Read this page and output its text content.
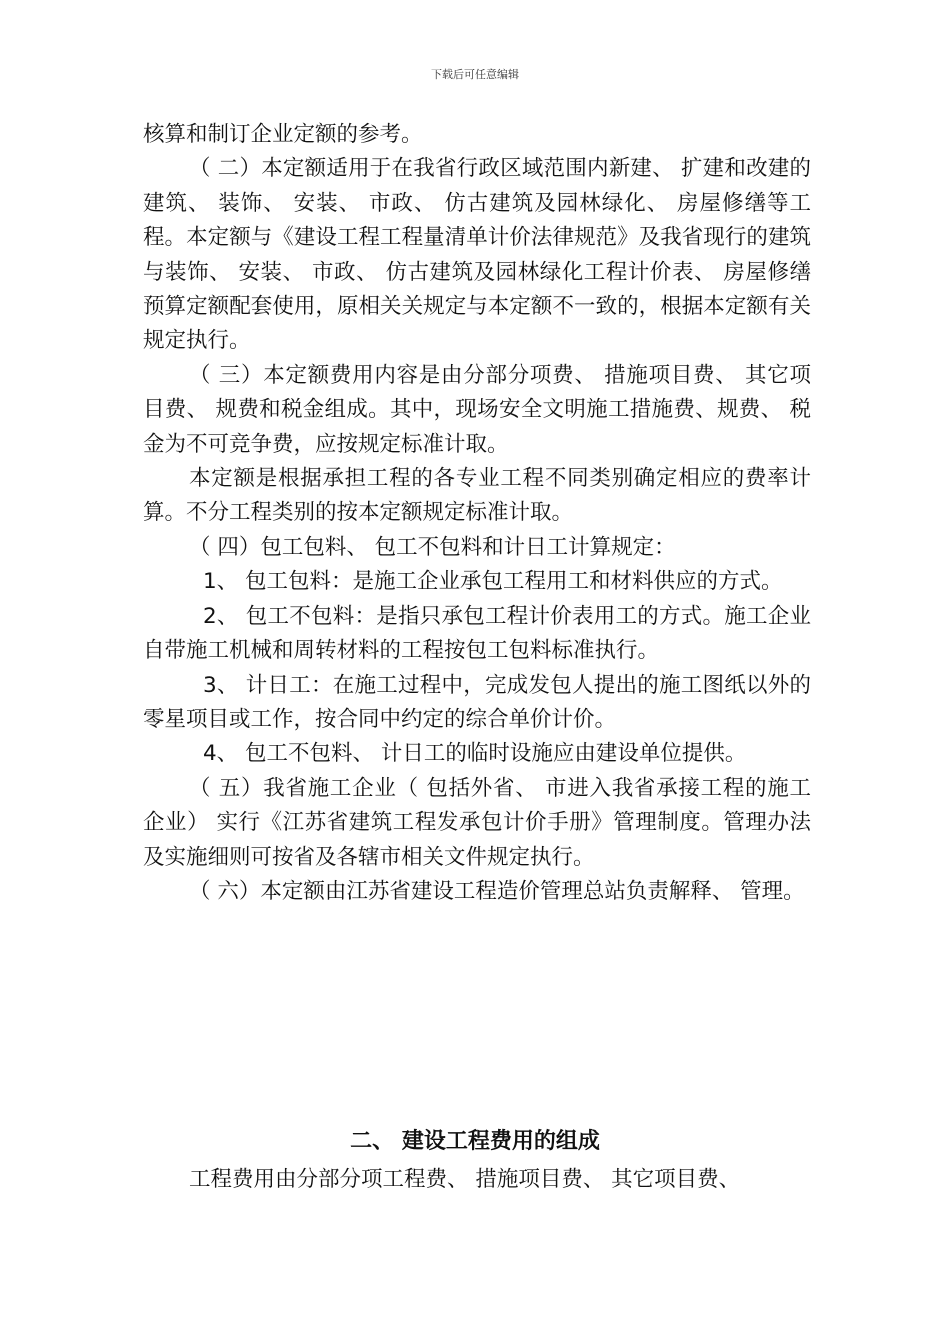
下载后可任意编辑

核算和制订企业定额的参考。

（ 二）本定额适用于在我省行政区域范围内新建、 扩建和改建的建筑、 装饰、 安装、 市政、 仿古建筑及园林绿化、 房屋修缮等工程。本定额与《建设工程工程量清单计价法律规范》及我省现行的建筑与装饰、 安装、 市政、 仿古建筑及园林绿化工程计价表、 房屋修缮预算定额配套使用，原相关关规定与本定额不一致的，根据本定额有关规定执行。

（ 三）本定额费用内容是由分部分项费、 措施项目费、 其它项目费、 规费和税金组成。其中，现场安全文明施工措施费、规费、 税金为不可竞争费，应按规定标准计取。

本定额是根据承担工程的各专业工程不同类别确定相应的费率计算。不分工程类别的按本定额规定标准计取。

（ 四）包工包料、 包工不包料和计日工计算规定：

1、 包工包料：是施工企业承包工程用工和材料供应的方式。

2、 包工不包料：是指只承包工程计价表用工的方式。施工企业自带施工机械和周转材料的工程按包工包料标准执行。

3、 计日工：在施工过程中，完成发包人提出的施工图纸以外的零星项目或工作，按合同中约定的综合单价计价。

4、 包工不包料、 计日工的临时设施应由建设单位提供。

（ 五）我省施工企业（ 包括外省、 市进入我省承接工程的施工企业） 实行《江苏省建筑工程发承包计价手册》管理制度。管理办法及实施细则可按省及各辖市相关文件规定执行。

（ 六）本定额由江苏省建设工程造价管理总站负责解释、 管理。

二、 建设工程费用的组成

工程费用由分部分项工程费、 措施项目费、 其它项目费、
